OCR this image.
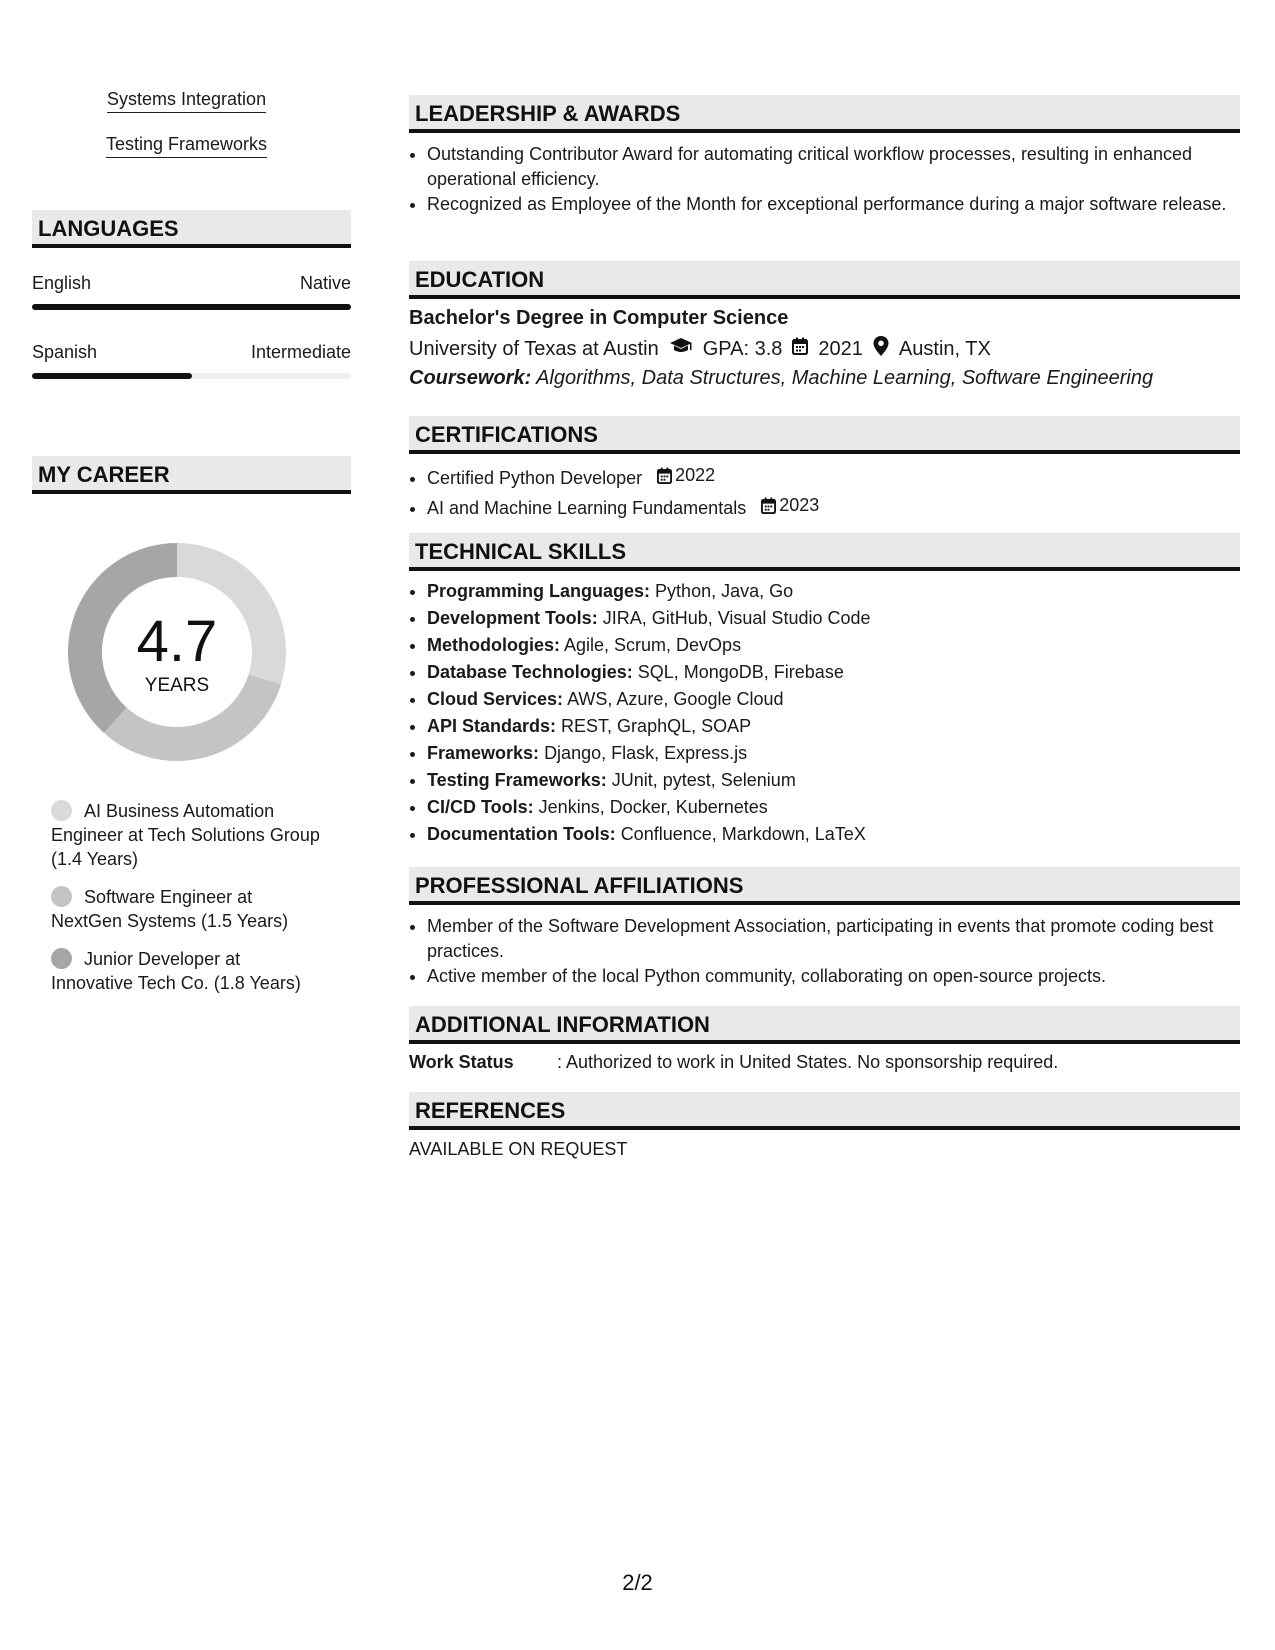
Systems Integration
Testing Frameworks
LANGUAGES
English	Native
Spanish	Intermediate
MY CAREER
4.7
YEARS
AI Business Automation Engineer at Tech Solutions Group (1.4 Years)
Software Engineer at NextGen Systems (1.5 Years)
Junior Developer at Innovative Tech Co. (1.8 Years)
LEADERSHIP & AWARDS
• Outstanding Contributor Award for automating critical workflow processes, resulting in enhanced operational efficiency.
• Recognized as Employee of the Month for exceptional performance during a major software release.
EDUCATION
Bachelor's Degree in Computer Science
University of Texas at Austin GPA: 3.8 2021 Austin, TX
Coursework: Algorithms, Data Structures, Machine Learning, Software Engineering
CERTIFICATIONS
• Certified Python Developer 2022
• AI and Machine Learning Fundamentals 2023
TECHNICAL SKILLS
• Programming Languages: Python, Java, Go
• Development Tools: JIRA, GitHub, Visual Studio Code
• Methodologies: Agile, Scrum, DevOps
• Database Technologies: SQL, MongoDB, Firebase
• Cloud Services: AWS, Azure, Google Cloud
• API Standards: REST, GraphQL, SOAP
• Frameworks: Django, Flask, Express.js
• Testing Frameworks: JUnit, pytest, Selenium
• CI/CD Tools: Jenkins, Docker, Kubernetes
• Documentation Tools: Confluence, Markdown, LaTeX
PROFESSIONAL AFFILIATIONS
• Member of the Software Development Association, participating in events that promote coding best practices.
• Active member of the local Python community, collaborating on open-source projects.
ADDITIONAL INFORMATION
Work Status : Authorized to work in United States. No sponsorship required.
REFERENCES
AVAILABLE ON REQUEST
2/2
